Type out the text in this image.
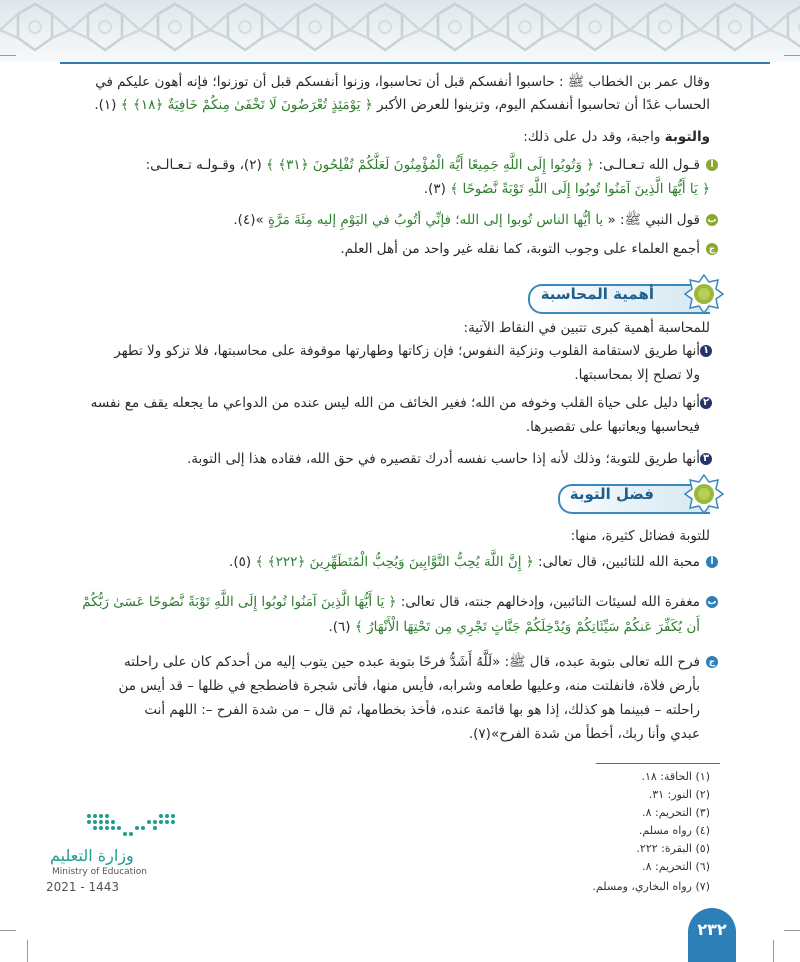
وقال عمر بن الخطاب ﷺ : حاسبوا أنفسكم قبل أن تحاسبوا، وزنوا أنفسكم قبل أن توزنوا؛ فإنه أهون عليكم في
الحساب غدًا أن تحاسبوا أنفسكم اليوم، وتزينوا للعرض الأكبر ﴿ يَوْمَئِذٍ تُعْرَضُونَ لَا تَخْفَىٰ مِنكُمْ خَافِيَةٌ ﴿١٨﴾ ﴾ (١).
والتوبة واجبة، وقد دل على ذلك:
أ
قـول الله تـعـالـى: ﴿ وَتُوبُوا إِلَى اللَّهِ جَمِيعًا أَيُّهَ الْمُؤْمِنُونَ لَعَلَّكُمْ تُفْلِحُونَ ﴿٣١﴾ ﴾ (٢)، وقـولـه تـعـالـى:
﴿ يَا أَيُّهَا الَّذِينَ آمَنُوا تُوبُوا إِلَى اللَّهِ تَوْبَةً نَّصُوحًا ﴾ (٣).
ب
قول النبي ﷺ: « يا أيُّها الناس تُوبوا إلى الله؛ فإنِّي أتُوبُ في اليَوْمِ إليه مِئَةَ مَرَّةٍ »(٤).
ج
أجمع العلماء على وجوب التوبة، كما نقله غير واحد من أهل العلم.
أهمية المحاسبة
للمحاسبة أهمية كبرى تتبين في النقاط الآتية:
١
أنها طريق لاستقامة القلوب وتزكية النفوس؛ فإن زكاتها وطهارتها موقوفة على محاسبتها، فلا تزكو ولا تطهر
ولا تصلح إلا بمحاسبتها.
٢
أنها دليل على حياة القلب وخوفه من الله؛ فغير الخائف من الله ليس عنده من الدواعي ما يجعله يقف مع نفسه
فيحاسبها ويعاتبها على تقصيرها.
٣
أنها طريق للتوبة؛ وذلك لأنه إذا حاسب نفسه أدرك تقصيره في حق الله، فقاده هذا إلى التوبة.
فضل التوبة
للتوبة فضائل كثيرة، منها:
أ
محبة الله للتائبين، قال تعالى: ﴿ إِنَّ اللَّهَ يُحِبُّ التَّوَّابِينَ وَيُحِبُّ الْمُتَطَهِّرِينَ ﴿٢٢٢﴾ ﴾ (٥).
ب
مغفرة الله لسيئات التائبين، وإدخالهم جنته، قال تعالى: ﴿ يَا أَيُّهَا الَّذِينَ آمَنُوا تُوبُوا إِلَى اللَّهِ تَوْبَةً نَّصُوحًا عَسَىٰ رَبُّكُمْ
أَن يُكَفِّرَ عَنكُمْ سَيِّئَاتِكُمْ وَيُدْخِلَكُمْ جَنَّاتٍ تَجْرِي مِن تَحْتِهَا الْأَنْهَارُ ﴾ (٦).
ج
فرح الله تعالى بتوبة عبده، قال ﷺ: «لَلَّهُ أَشَدُّ فرحًا بتوبة عبده حين يتوب إليه من أحدكم كان على راحلته
بأرض فلاة، فانفلتت منه، وعليها طعامه وشرابه، فأيس منها، فأتى شجرة فاضطجع في ظلها – قد أيس من
راحلته – فبينما هو كذلك، إذا هو بها قائمة عنده، فأخذ بخطامها، ثم قال – من شدة الفرح –: اللهم أنت
عبدي وأنا ربك، أخطأ من شدة الفرح»(٧).
(١) الحاقة: ١٨.
(٢) النور: ٣١.
(٣) التحريم: ٨.
(٤) رواه مسلم.
(٥) البقرة: ٢٢٢.
(٦) التحريم: ٨.
(٧) رواه البخاري، ومسلم.
وزارة التعليم
Ministry of Education
2021 - 1443
٢٣٢
